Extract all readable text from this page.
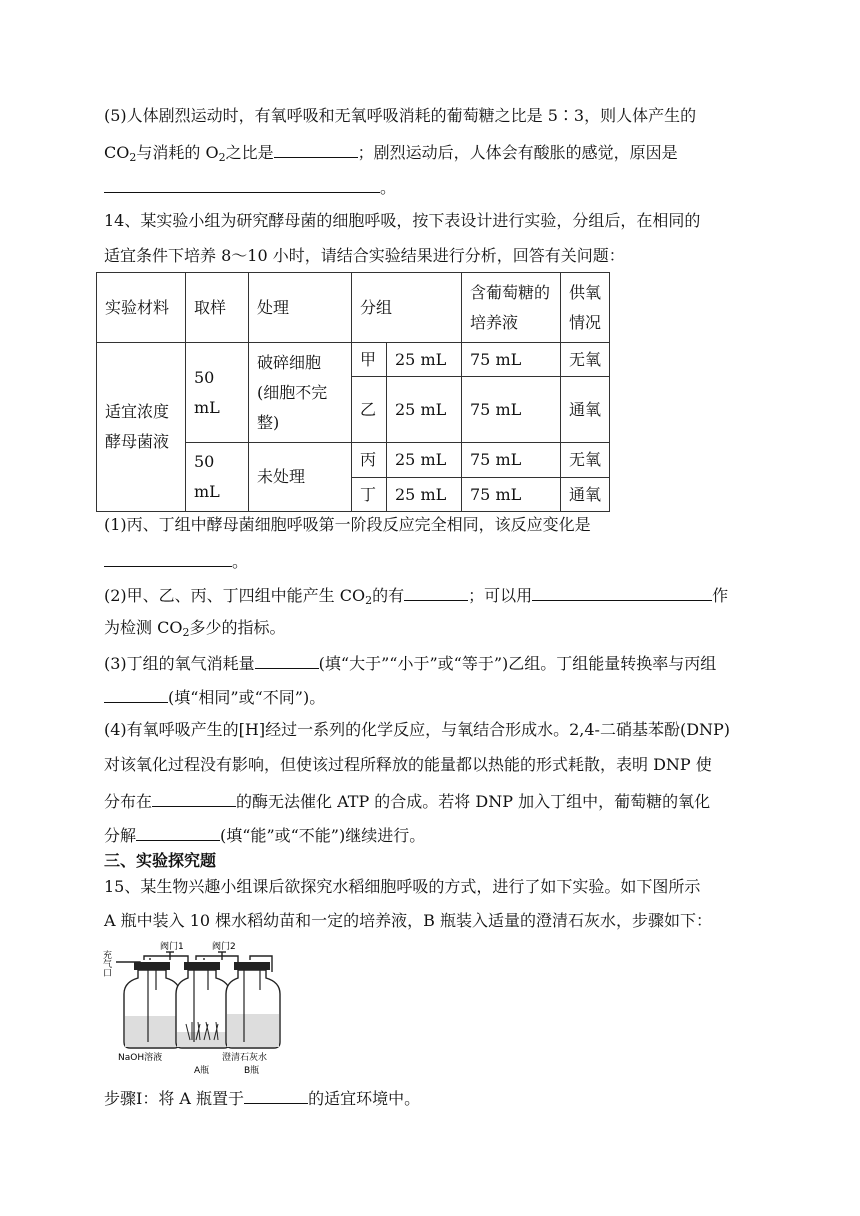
(5)人体剧烈运动时，有氧呼吸和无氧呼吸消耗的葡萄糖之比是 5∶3，则人体产生的
$CO_2$与消耗的 $O_2$之比是	；剧烈运动后，人体会有酸胀的感觉，原因是
。
14、某实验小组为研究酵母菌的细胞呼吸，按下表设计进行实验，分组后，在相同的
适宜条件下培养 8～10 小时，请结合实验结果进行分析，回答有关问题：
实验材料	取样	处理	分组		含葡萄糖的培养液	供氧情况
适宜浓度酵母菌液	50 mL	破碎细胞(细胞不完整)	甲	25 mL	75 mL	无氧
			乙	25 mL	75 mL	通氧
	50 mL	未处理	丙	25 mL	75 mL	无氧
			丁	25 mL	75 mL	通氧
(1)丙、丁组中酵母菌细胞呼吸第一阶段反应完全相同，该反应变化是
。
(2)甲、乙、丙、丁四组中能产生 $CO_2$的有	；可以用	作
为检测 $CO_2$多少的指标。
(3)丁组的氧气消耗量	(填“大于”“小于”或“等于”)乙组。丁组能量转换率与丙组
(填“相同”或“不同”)。
(4)有氧呼吸产生的[H]经过一系列的化学反应，与氧结合形成水。2,4-二硝基苯酚(DNP)
对该氧化过程没有影响，但使该过程所释放的能量都以热能的形式耗散，表明 DNP 使
分布在	的酶无法催化 ATP 的合成。若将 DNP 加入丁组中，葡萄糖的氧化
分解	(填“能”或“不能”)继续进行。
三、实验探究题
15、某生物兴趣小组课后欲探究水稻细胞呼吸的方式，进行了如下实验。如下图所示
A 瓶中装入 10 棵水稻幼苗和一定的培养液，B 瓶装入适量的澄清石灰水，步骤如下：
充气口
阀门1	阀门2
NaOH溶液	澄清石灰水
A瓶	B瓶
步骤Ⅰ：将 A 瓶置于	的适宜环境中。
